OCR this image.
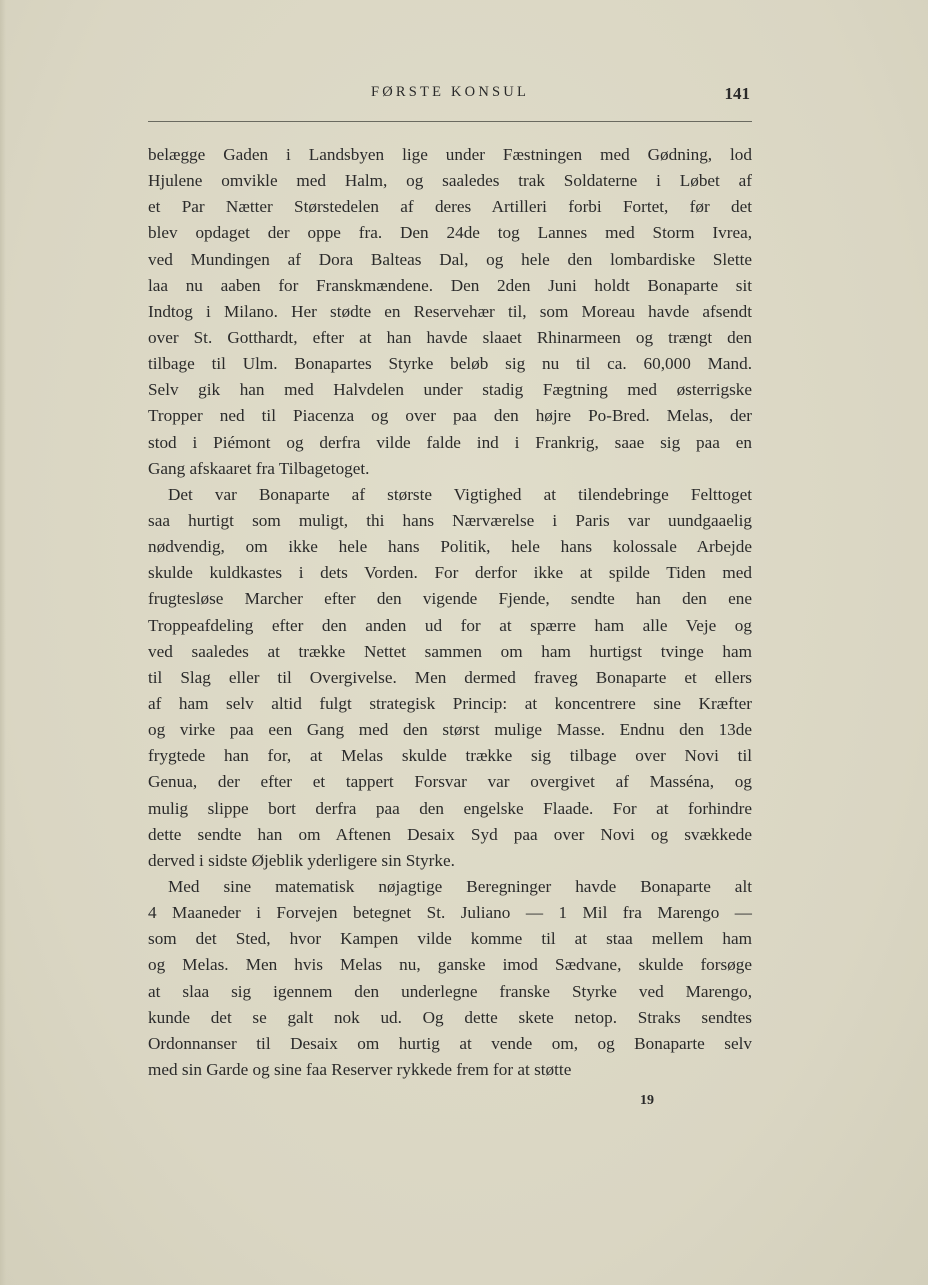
FØRSTE KONSUL	141
belægge Gaden i Landsbyen lige under Fæstningen med Gødning, lod
Hjulene omvikle med Halm, og saaledes trak Soldaterne i Løbet af
et Par Nætter Størstedelen af deres Artilleri forbi Fortet, før det
blev opdaget der oppe fra. Den 24de tog Lannes med Storm Ivrea,
ved Mundingen af Dora Balteas Dal, og hele den lombardiske Slette
laa nu aaben for Franskmændene. Den 2den Juni holdt Bonaparte sit
Indtog i Milano. Her stødte en Reservehær til, som Moreau havde afsendt
over St. Gotthardt, efter at han havde slaaet Rhinarmeen og trængt den
tilbage til Ulm. Bonapartes Styrke beløb sig nu til ca. 60,000 Mand.
Selv gik han med Halvdelen under stadig Fægtning med østerrigske
Tropper ned til Piacenza og over paa den højre Po-Bred. Melas, der
stod i Piémont og derfra vilde falde ind i Frankrig, saae sig paa en
Gang afskaaret fra Tilbagetoget.
Det var Bonaparte af største Vigtighed at tilendebringe Felttoget
saa hurtigt som muligt, thi hans Nærværelse i Paris var uundgaaelig
nødvendig, om ikke hele hans Politik, hele hans kolossale Arbejde
skulde kuldkastes i dets Vorden. For derfor ikke at spilde Tiden med
frugtesløse Marcher efter den vigende Fjende, sendte han den ene
Troppeafdeling efter den anden ud for at spærre ham alle Veje og
ved saaledes at trække Nettet sammen om ham hurtigst tvinge ham
til Slag eller til Overgivelse. Men dermed fraveg Bonaparte et ellers
af ham selv altid fulgt strategisk Princip: at koncentrere sine Kræfter
og virke paa een Gang med den størst mulige Masse. Endnu den 13de
frygtede han for, at Melas skulde trække sig tilbage over Novi til
Genua, der efter et tappert Forsvar var overgivet af Masséna, og
mulig slippe bort derfra paa den engelske Flaade. For at forhindre
dette sendte han om Aftenen Desaix Syd paa over Novi og svækkede
derved i sidste Øjeblik yderligere sin Styrke.
Med sine matematisk nøjagtige Beregninger havde Bonaparte alt
4 Maaneder i Forvejen betegnet St. Juliano — 1 Mil fra Marengo —
som det Sted, hvor Kampen vilde komme til at staa mellem ham
og Melas. Men hvis Melas nu, ganske imod Sædvane, skulde forsøge
at slaa sig igennem den underlegne franske Styrke ved Marengo,
kunde det se galt nok ud. Og dette skete netop. Straks sendtes
Ordonnanser til Desaix om hurtig at vende om, og Bonaparte selv
med sin Garde og sine faa Reserver rykkede frem for at støtte
19
